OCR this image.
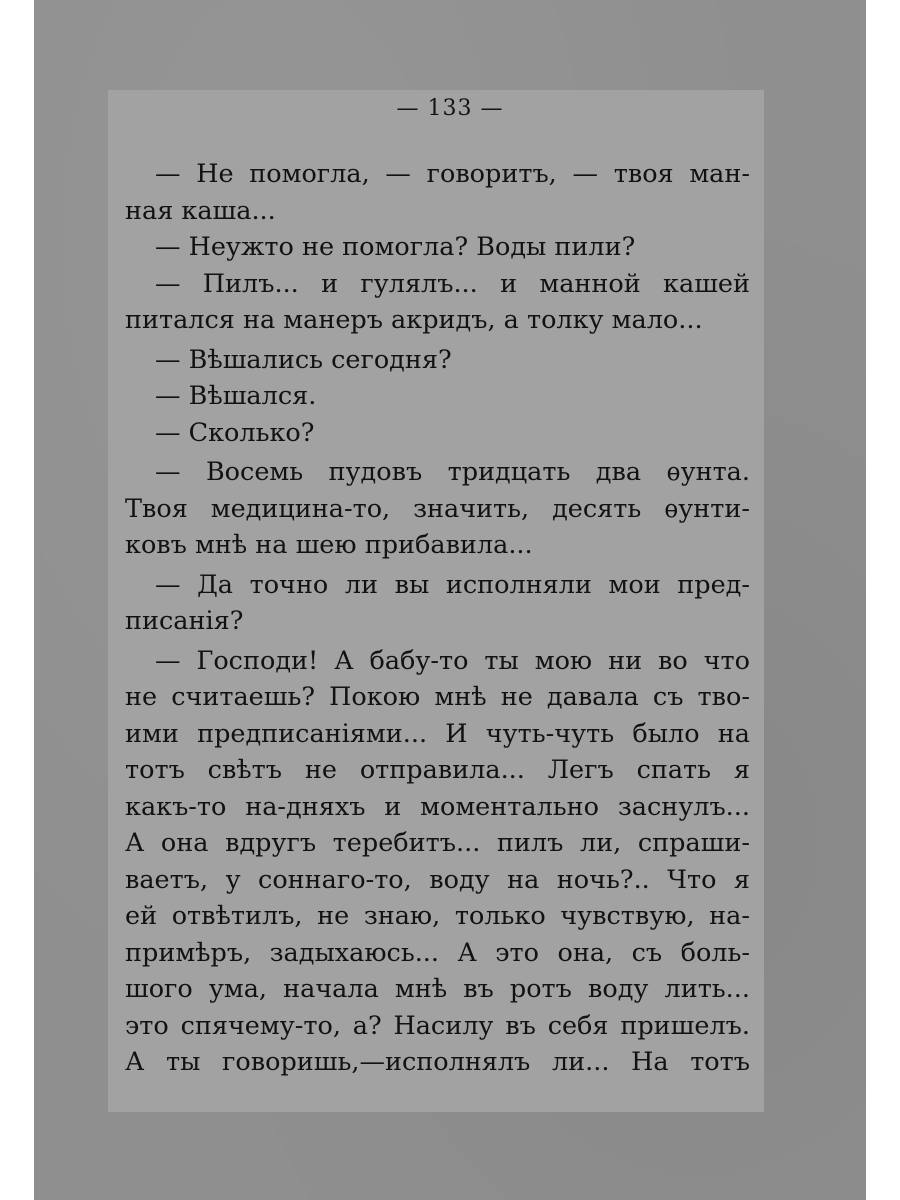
— 133 —
— Не помогла, — говоритъ, — твоя ман-
ная каша...
— Неужто не помогла? Воды пили?
— Пилъ... и гулялъ... и манной кашей
питался на манеръ акридъ, а толку мало...
— Вѣшались сегодня?
— Вѣшался.
— Сколько?
— Восемь пудовъ тридцать два ѳунта.
Твоя медицина-то, значить, десять ѳунти-
ковъ мнѣ на шею прибавила...
— Да точно ли вы исполняли мои пред-
писанія?
— Господи! А бабу-то ты мою ни во что
не считаешь? Покою мнѣ не давала съ тво-
ими предписаніями... И чуть-чуть было на
тотъ свѣтъ не отправила... Легъ спать я
какъ-то на-дняхъ и моментально заснулъ...
А она вдругъ теребитъ... пилъ ли, спраши-
ваетъ, у соннаго-то, воду на ночь?.. Что я
ей отвѣтилъ, не знаю, только чувствую, на-
примѣръ, задыхаюсь... А это она, съ боль-
шого ума, начала мнѣ въ ротъ воду лить...
это спячему-то, а? Насилу въ себя пришелъ.
А ты говоришь,—исполнялъ ли... На тотъ
